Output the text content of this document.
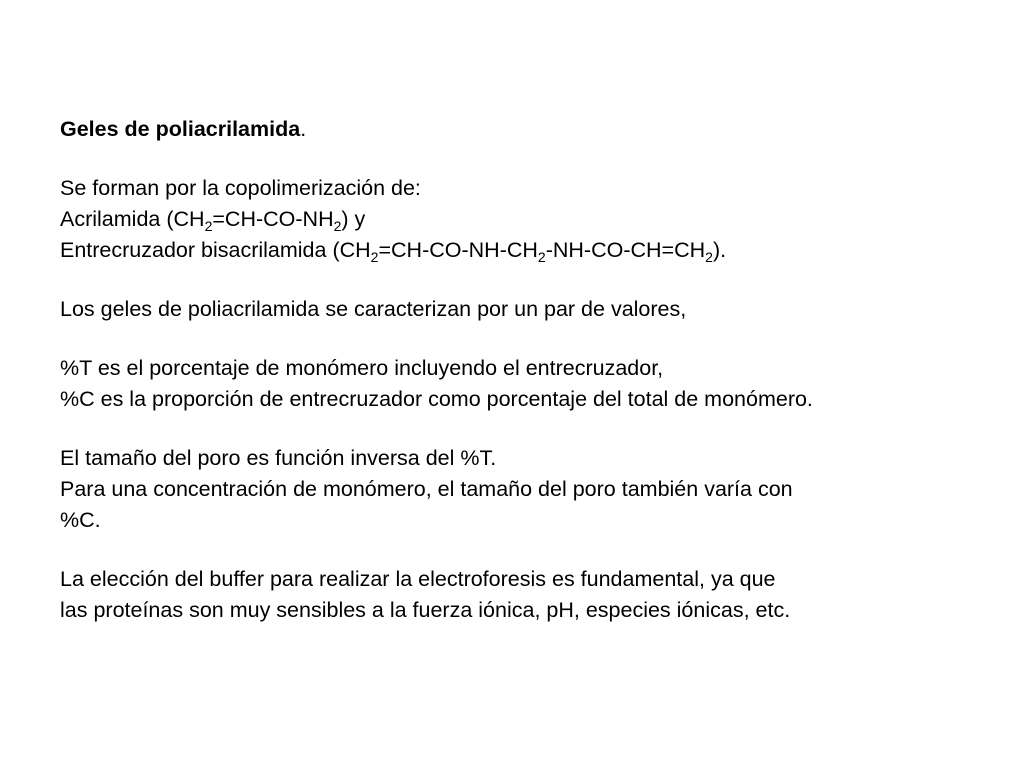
Geles de poliacrilamida.
Se forman por la copolimerización de:
Acrilamida $(CH_2=CH-CO-NH_2)$ y
Entrecruzador bisacrilamida $(CH_2=CH-CO-NH-CH_2-NH-CO-CH=CH_2)$.
Los geles de poliacrilamida se caracterizan por un par de valores,
%T es el porcentaje de monómero incluyendo el entrecruzador,
%C es la proporción de entrecruzador como porcentaje del total de monómero.
El tamaño del poro es función inversa del %T.
Para una concentración de monómero, el tamaño del poro también varía con
%C.
La elección del buffer para realizar la electroforesis es fundamental, ya que
las proteínas son muy sensibles a la fuerza iónica, pH, especies iónicas, etc.
